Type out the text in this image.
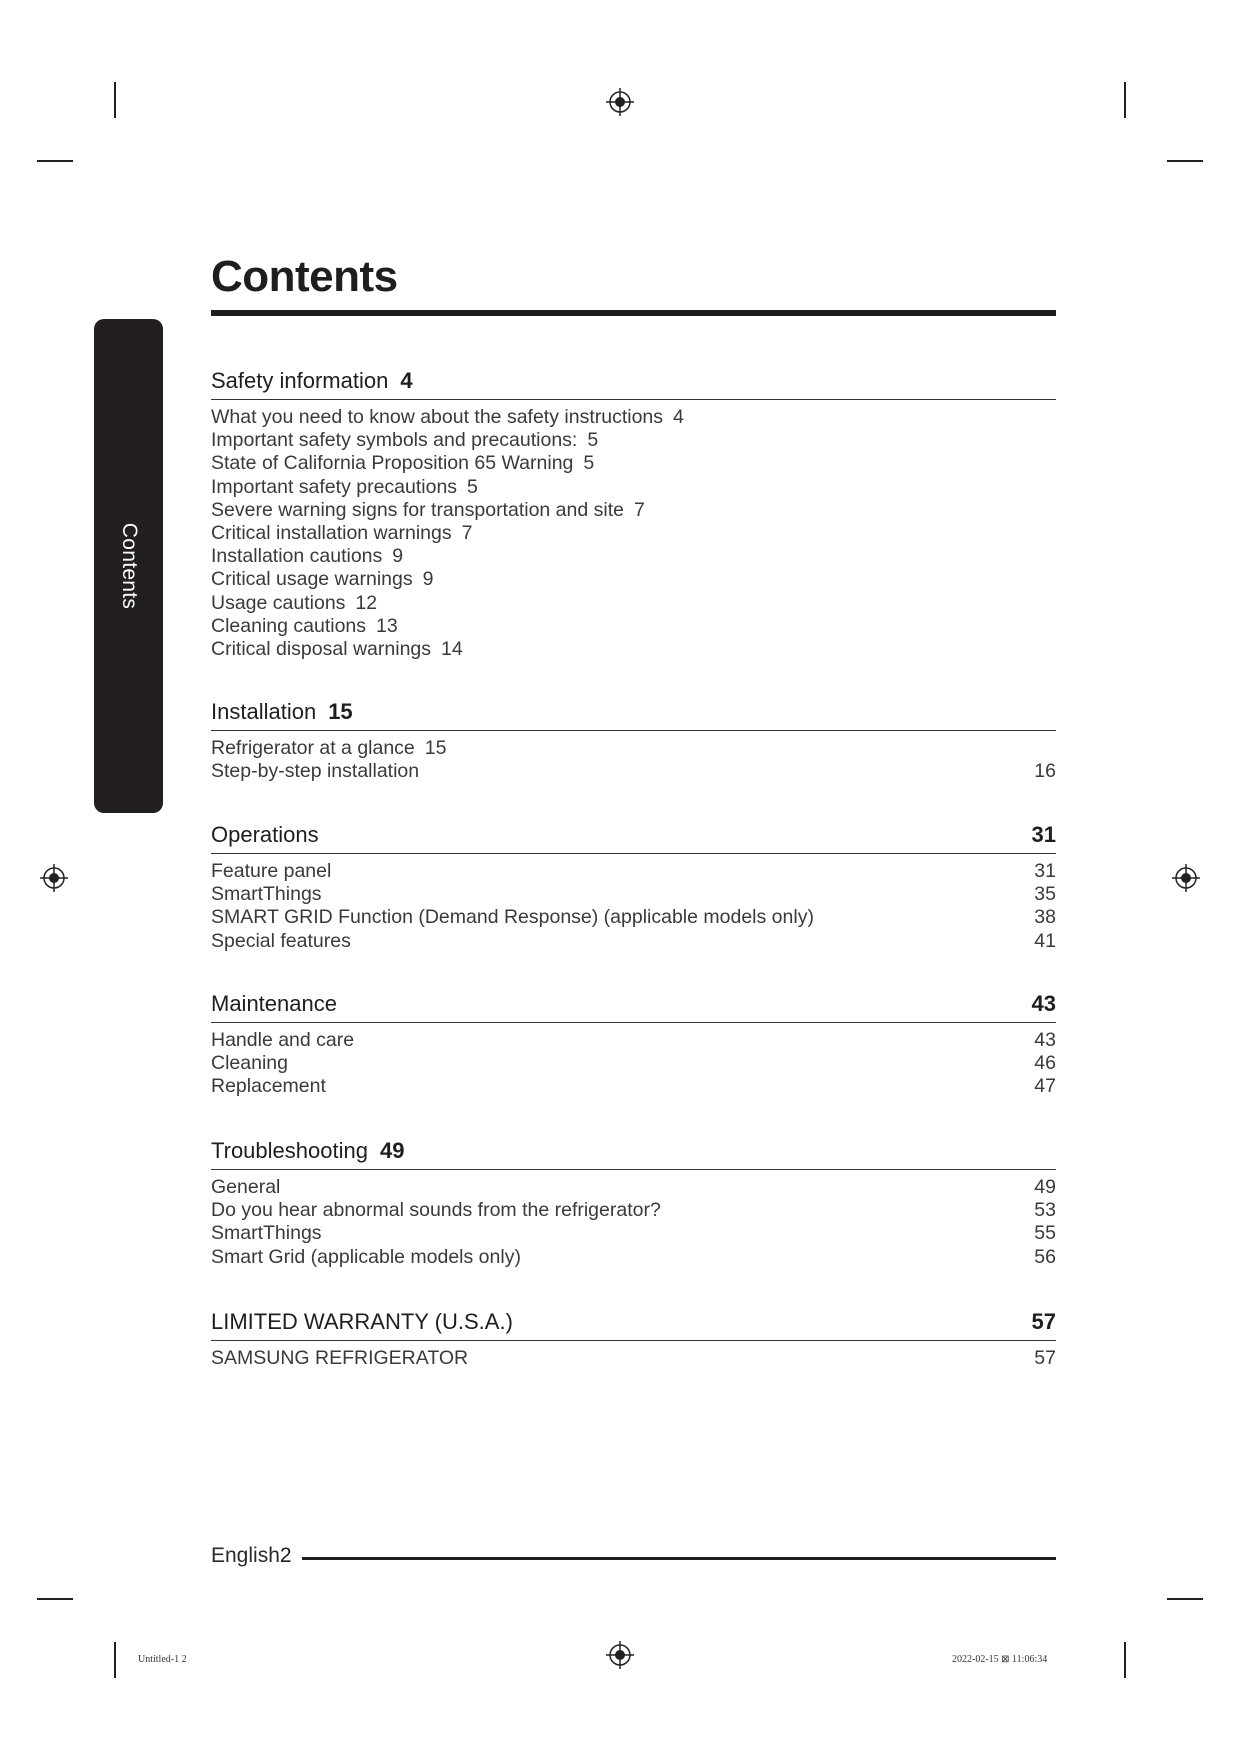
Contents
Contents
Safety information 4
What you need to know about the safety instructions 4
Important safety symbols and precautions: 5
State of California Proposition 65 Warning 5
Important safety precautions 5
Severe warning signs for transportation and site 7
Critical installation warnings 7
Installation cautions 9
Critical usage warnings 9
Usage cautions 12
Cleaning cautions 13
Critical disposal warnings 14
Installation 15
Refrigerator at a glance 15
Step-by-step installation	16
Operations	31
Feature panel	31
SmartThings	35
SMART GRID Function (Demand Response) (applicable models only)	38
Special features	41
Maintenance	43
Handle and care	43
Cleaning	46
Replacement	47
Troubleshooting 49
General	49
Do you hear abnormal sounds from the refrigerator?	53
SmartThings	55
Smart Grid (applicable models only)	56
LIMITED WARRANTY (U.S.A.)	57
SAMSUNG REFRIGERATOR	57
English2
Untitled-1 2	2022-02-15 ⊠ 11:06:34
